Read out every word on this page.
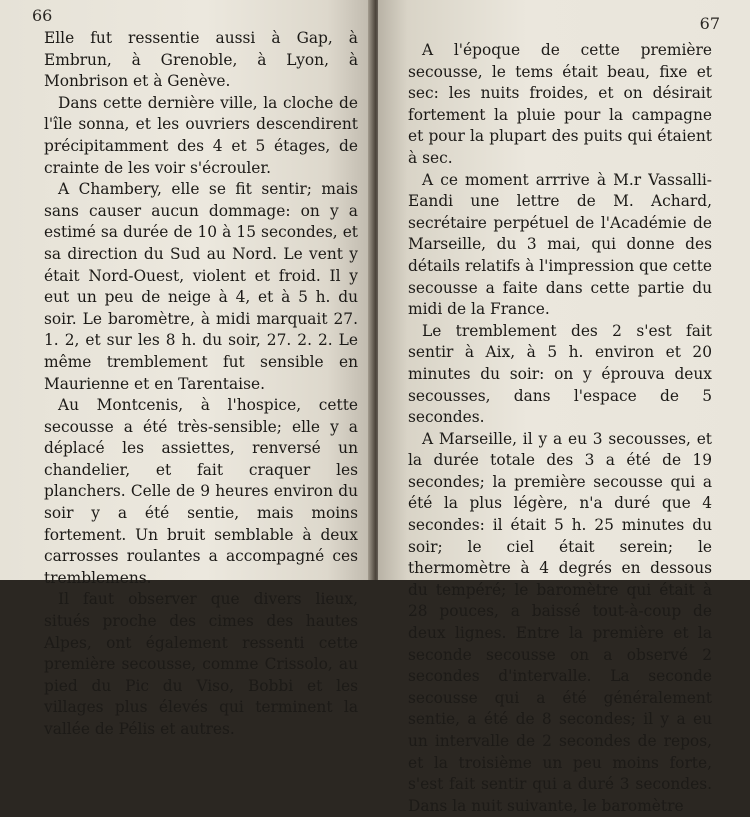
66

Elle fut ressentie aussi à Gap, à Embrun, à Grenoble, à Lyon, à Monbrison et à Genève.

Dans cette dernière ville, la cloche de l'île sonna, et les ouvriers descendirent précipitamment des 4 et 5 étages, de crainte de les voir s'écrouler.

A Chambery, elle se fit sentir; mais sans causer aucun dommage: on y a estimé sa durée de 10 à 15 secondes, et sa direction du Sud au Nord. Le vent y était Nord-Ouest, violent et froid. Il y eut un peu de neige à 4, et à 5 h. du soir. Le baromètre, à midi marquait 27. 1. 2, et sur les 8 h. du soir, 27. 2. 2. Le même tremblement fut sensible en Maurienne et en Tarentaise.

Au Montcenis, à l'hospice, cette secousse a été très-sensible; elle y a déplacé les assiettes, renversé un chandelier, et fait craquer les planchers. Celle de 9 heures environ du soir y a été sentie, mais moins fortement. Un bruit semblable à deux carrosses roulantes a accompagné ces tremblemens.

Il faut observer que divers lieux, situés proche des cimes des hautes Alpes, ont également ressenti cette première secousse, comme Crissolo, au pied du Pic du Viso, Bobbi et les villages plus élevés qui terminent la vallée de Pélis et autres.

67

A l'époque de cette première secousse, le tems était beau, fixe et sec: les nuits froides, et on désirait fortement la pluie pour la campagne et pour la plupart des puits qui étaient à sec.

A ce moment arrrive à M.r Vassalli-Eandi une lettre de M. Achard, secrétaire perpétuel de l'Académie de Marseille, du 3 mai, qui donne des détails relatifs à l'impression que cette secousse a faite dans cette partie du midi de la France.

Le tremblement des 2 s'est fait sentir à Aix, à 5 h. environ et 20 minutes du soir: on y éprouva deux secousses, dans l'espace de 5 secondes.

A Marseille, il y a eu 3 secousses, et la durée totale des 3 a été de 19 secondes; la première secousse qui a été la plus légère, n'a duré que 4 secondes: il était 5 h. 25 minutes du soir; le ciel était serein; le thermomètre à 4 degrés en dessous du tempéré; le baromètre qui était à 28 pouces, a baissé tout-à-coup de deux lignes. Entre la première et la seconde secousse on a observé 2 secondes d'intervalle. La seconde secousse qui a été généralement sentie, a été de 8 secondes; il y a eu un intervalle de 2 secondes de repos, et la troisième un peu moins forte, s'est fait sentir qui a duré 3 secondes. Dans la nuit suivante, le baromètre
